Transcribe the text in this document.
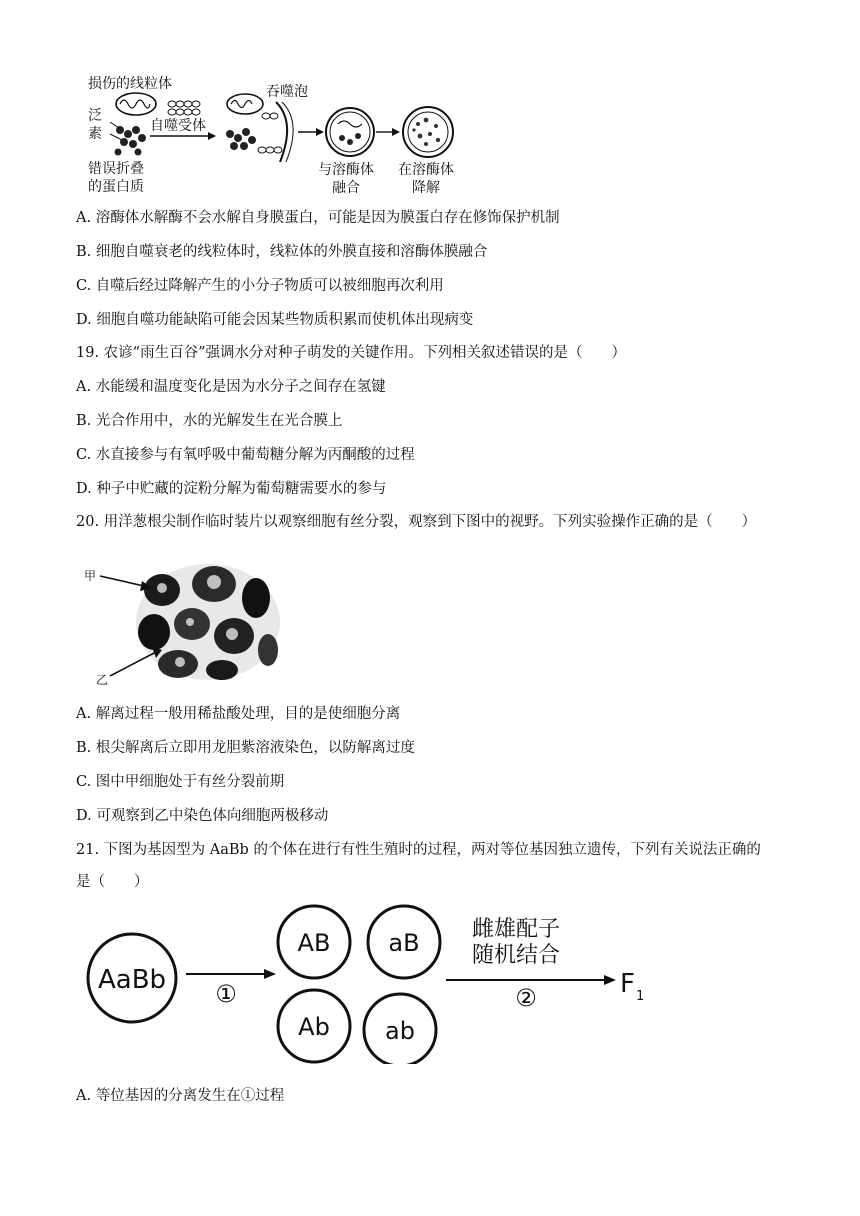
损伤的线粒体
泛
素
错误折叠
的蛋白质
自噬受体
吞噬泡
与溶酶体
融合
在溶酶体
降解
A. 溶酶体水解酶不会水解自身膜蛋白，可能是因为膜蛋白存在修饰保护机制
B. 细胞自噬衰老的线粒体时，线粒体的外膜直接和溶酶体膜融合
C. 自噬后经过降解产生的小分子物质可以被细胞再次利用
D. 细胞自噬功能缺陷可能会因某些物质积累而使机体出现病变
19. 农谚“雨生百谷”强调水分对种子萌发的关键作用。下列相关叙述错误的是（　　）
A. 水能缓和温度变化是因为水分子之间存在氢键
B. 光合作用中，水的光解发生在光合膜上
C. 水直接参与有氧呼吸中葡萄糖分解为丙酮酸的过程
D. 种子中贮藏的淀粉分解为葡萄糖需要水的参与
20. 用洋葱根尖制作临时装片以观察细胞有丝分裂，观察到下图中的视野。下列实验操作正确的是（　　）
甲
乙
A. 解离过程一般用稀盐酸处理，目的是使细胞分离
B. 根尖解离后立即用龙胆紫溶液染色，以防解离过度
C. 图中甲细胞处于有丝分裂前期
D. 可观察到乙中染色体向细胞两极移动
21. 下图为基因型为 AaBb 的个体在进行有性生殖时的过程，两对等位基因独立遗传，下列有关说法正确的
是（　　）
AaBb ①
AB aB
Ab ab
雌雄配子
随机结合
②	F 1
A. 等位基因的分离发生在①过程
